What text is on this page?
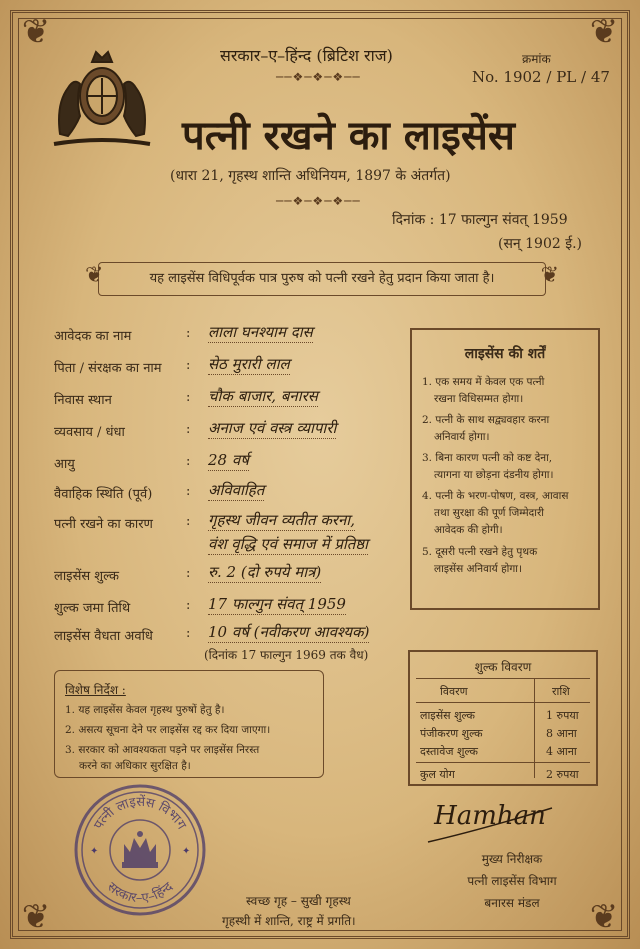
❦	❦
❦	❦
सरकार–ए–हिंन्द (ब्रिटिश राज)
──❖─❖─❖──
क्रमांक
No. 1902 / PL / 47
पत्नी रखने का लाइसेंस
(धारा 21, गृहस्थ शान्ति अधिनियम, 1897 के अंतर्गत)
──❖─❖─❖──
दिनांक : 17 फाल्गुन संवत् 1959
(सन् 1902 ई.)
❦	यह लाइसेंस विधिपूर्वक पात्र पुरुष को पत्नी रखने हेतु प्रदान किया जाता है। ❦
आवेदक का नाम	: लाला घनश्याम दास
पिता / संरक्षक का नाम : सेठ मुरारी लाल
निवास स्थान	: चौक बाजार, बनारस
व्यवसाय / धंधा	: अनाज एवं वस्त्र व्यापारी
आयु	: 28 वर्ष
वैवाहिक स्थिति (पूर्व)	: अविवाहित
पत्नी रखने का कारण	: गृहस्थ जीवन व्यतीत करना,
वंश वृद्धि एवं समाज में प्रतिष्ठा
लाइसेंस शुल्क	: रु. 2 (दो रुपये मात्र)
शुल्क जमा तिथि	: 17 फाल्गुन संवत् 1959
लाइसेंस वैधता अवधि	: 10 वर्ष (नवीकरण आवश्यक)
(दिनांक 17 फाल्गुन 1969 तक वैध)
लाइसेंस की शर्तें
1. एक समय में केवल एक पत्नी
रखना विधिसम्मत होगा।
2. पत्नी के साथ सद्व्यवहार करना
अनिवार्य होगा।
3. बिना कारण पत्नी को कष्ट देना,
त्यागना या छोड़ना दंडनीय होगा।
4. पत्नी के भरण-पोषण, वस्त्र, आवास
तथा सुरक्षा की पूर्ण जिम्मेदारी
आवेदक की होगी।
5. दूसरी पत्नी रखने हेतु पृथक
लाइसेंस अनिवार्य होगा।
शुल्क विवरण
विवरण	राशि
लाइसेंस शुल्क	1 रुपया
पंजीकरण शुल्क	8 आना
दस्तावेज शुल्क	4 आना
कुल योग	2 रुपया
विशेष निर्देश :
1. यह लाइसेंस केवल गृहस्थ पुरुषों हेतु है।
2. असत्य सूचना देने पर लाइसेंस रद्द कर दिया जाएगा।
3. सरकार को आवश्यकता पड़ने पर लाइसेंस निरस्त
करने का अधिकार सुरक्षित है।
पत्नी लाइसेंस विभाग
सरकार–ए–हिंन्द
✦	✦
Hamhan
मुख्य निरीक्षक
पत्नी लाइसेंस विभाग
बनारस मंडल
स्वच्छ गृह – सुखी गृहस्थ
गृहस्थी में शान्ति, राष्ट्र में प्रगति।
